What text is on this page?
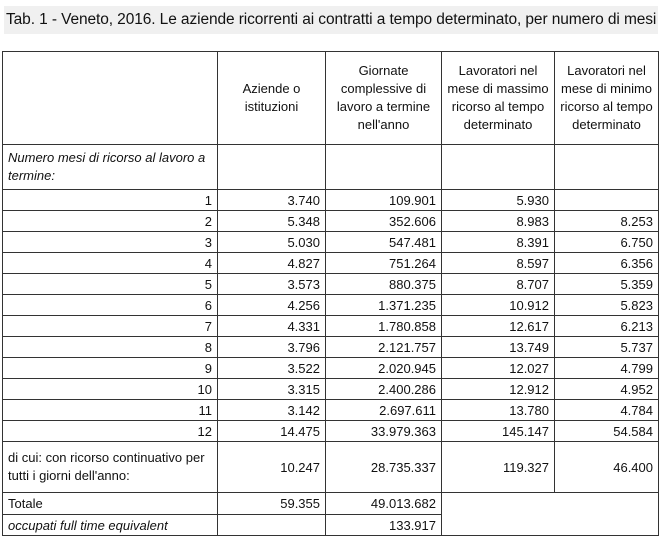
Tab. 1 - Veneto, 2016. Le aziende ricorrenti ai contratti a tempo determinato, per numero di mesi
	Aziende o istituzioni	Giornate complessive di lavoro a termine nell'anno	Lavoratori nel mese di massimo ricorso al tempo determinato	Lavoratori nel mese di minimo ricorso al tempo determinato
Numero mesi di ricorso al lavoro a termine:				
1	3.740	109.901	5.930	
2	5.348	352.606	8.983	8.253
3	5.030	547.481	8.391	6.750
4	4.827	751.264	8.597	6.356
5	3.573	880.375	8.707	5.359
6	4.256	1.371.235	10.912	5.823
7	4.331	1.780.858	12.617	6.213
8	3.796	2.121.757	13.749	5.737
9	3.522	2.020.945	12.027	4.799
10	3.315	2.400.286	12.912	4.952
11	3.142	2.697.611	13.780	4.784
12	14.475	33.979.363	145.147	54.584
di cui: con ricorso continuativo per tutti i giorni dell'anno:	10.247	28.735.337	119.327	46.400
Totale	59.355	49.013.682		
occupati full time equivalent		133.917		
